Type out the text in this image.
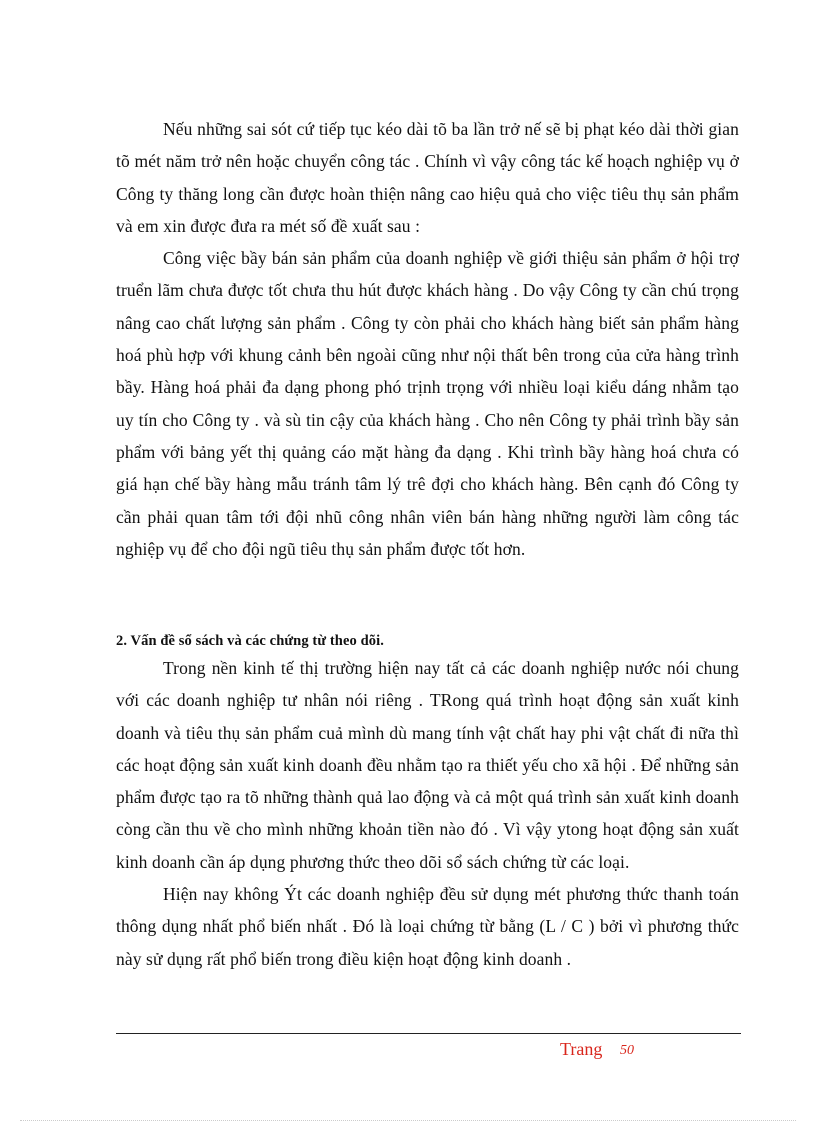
Nếu những sai sót cứ tiếp tục kéo dài tõ ba lần trở nế sẽ bị phạt kéo dài thời gian tõ mét năm trở nên hoặc chuyển công tác . Chính vì vậy công tác kế hoạch nghiệp vụ ở Công ty thăng long cần được hoàn thiện nâng cao hiệu quả cho việc tiêu thụ sản phẩm và em xin được đưa ra mét số đề xuất sau :

Công việc bầy bán sản phẩm của doanh nghiệp về giới thiệu sản phẩm ở hội trợ truển lãm chưa được tốt chưa thu hút được khách hàng . Do vậy Công ty cần chú trọng nâng cao chất lượng sản phẩm . Công ty còn phải cho khách hàng biết sản phẩm hàng hoá phù hợp với khung cảnh bên ngoài cũng như nội thất bên trong của cửa hàng trình bầy. Hàng hoá phải đa dạng phong phó trịnh trọng với nhiều loại kiểu dáng nhằm tạo uy tín cho Công ty . và sù tin cậy của khách hàng . Cho nên Công ty phải trình bầy sản phẩm với bảng yết thị quảng cáo mặt hàng đa dạng . Khi trình bầy hàng hoá chưa có giá hạn chế bầy hàng mẫu tránh tâm lý trê đợi cho khách hàng. Bên cạnh đó Công ty cần phải quan tâm tới đội nhũ công nhân viên bán hàng những người làm công tác nghiệp vụ để cho đội ngũ tiêu thụ sản phẩm được tốt hơn.

2. Vấn đề sổ sách và các chứng từ theo dõi.

Trong nền kinh tế thị trường hiện nay tất cả các doanh nghiệp nước nói chung với các doanh nghiệp tư nhân nói riêng . TRong quá trình hoạt động sản xuất kinh doanh và tiêu thụ sản phẩm cuả mình dù mang tính vật chất hay phi vật chất đi nữa thì các hoạt động sản xuất kinh doanh đều nhằm tạo ra thiết yếu cho xã hội . Để những sản phẩm được tạo ra tõ những thành quả lao động và cả một quá trình sản xuất kinh doanh còng cần thu về cho mình những khoản tiền nào đó . Vì vậy ytong hoạt động sản xuất kinh doanh cần áp dụng phương thức theo dõi sổ sách chứng từ các loại.

Hiện nay không Ýt các doanh nghiệp đều sử dụng mét phương thức thanh toán thông dụng nhất phổ biến nhất . Đó là loại chứng từ bằng (L / C ) bởi vì phương thức này sử dụng rất phổ biến trong điều kiện hoạt động kinh doanh .

Trang 50
